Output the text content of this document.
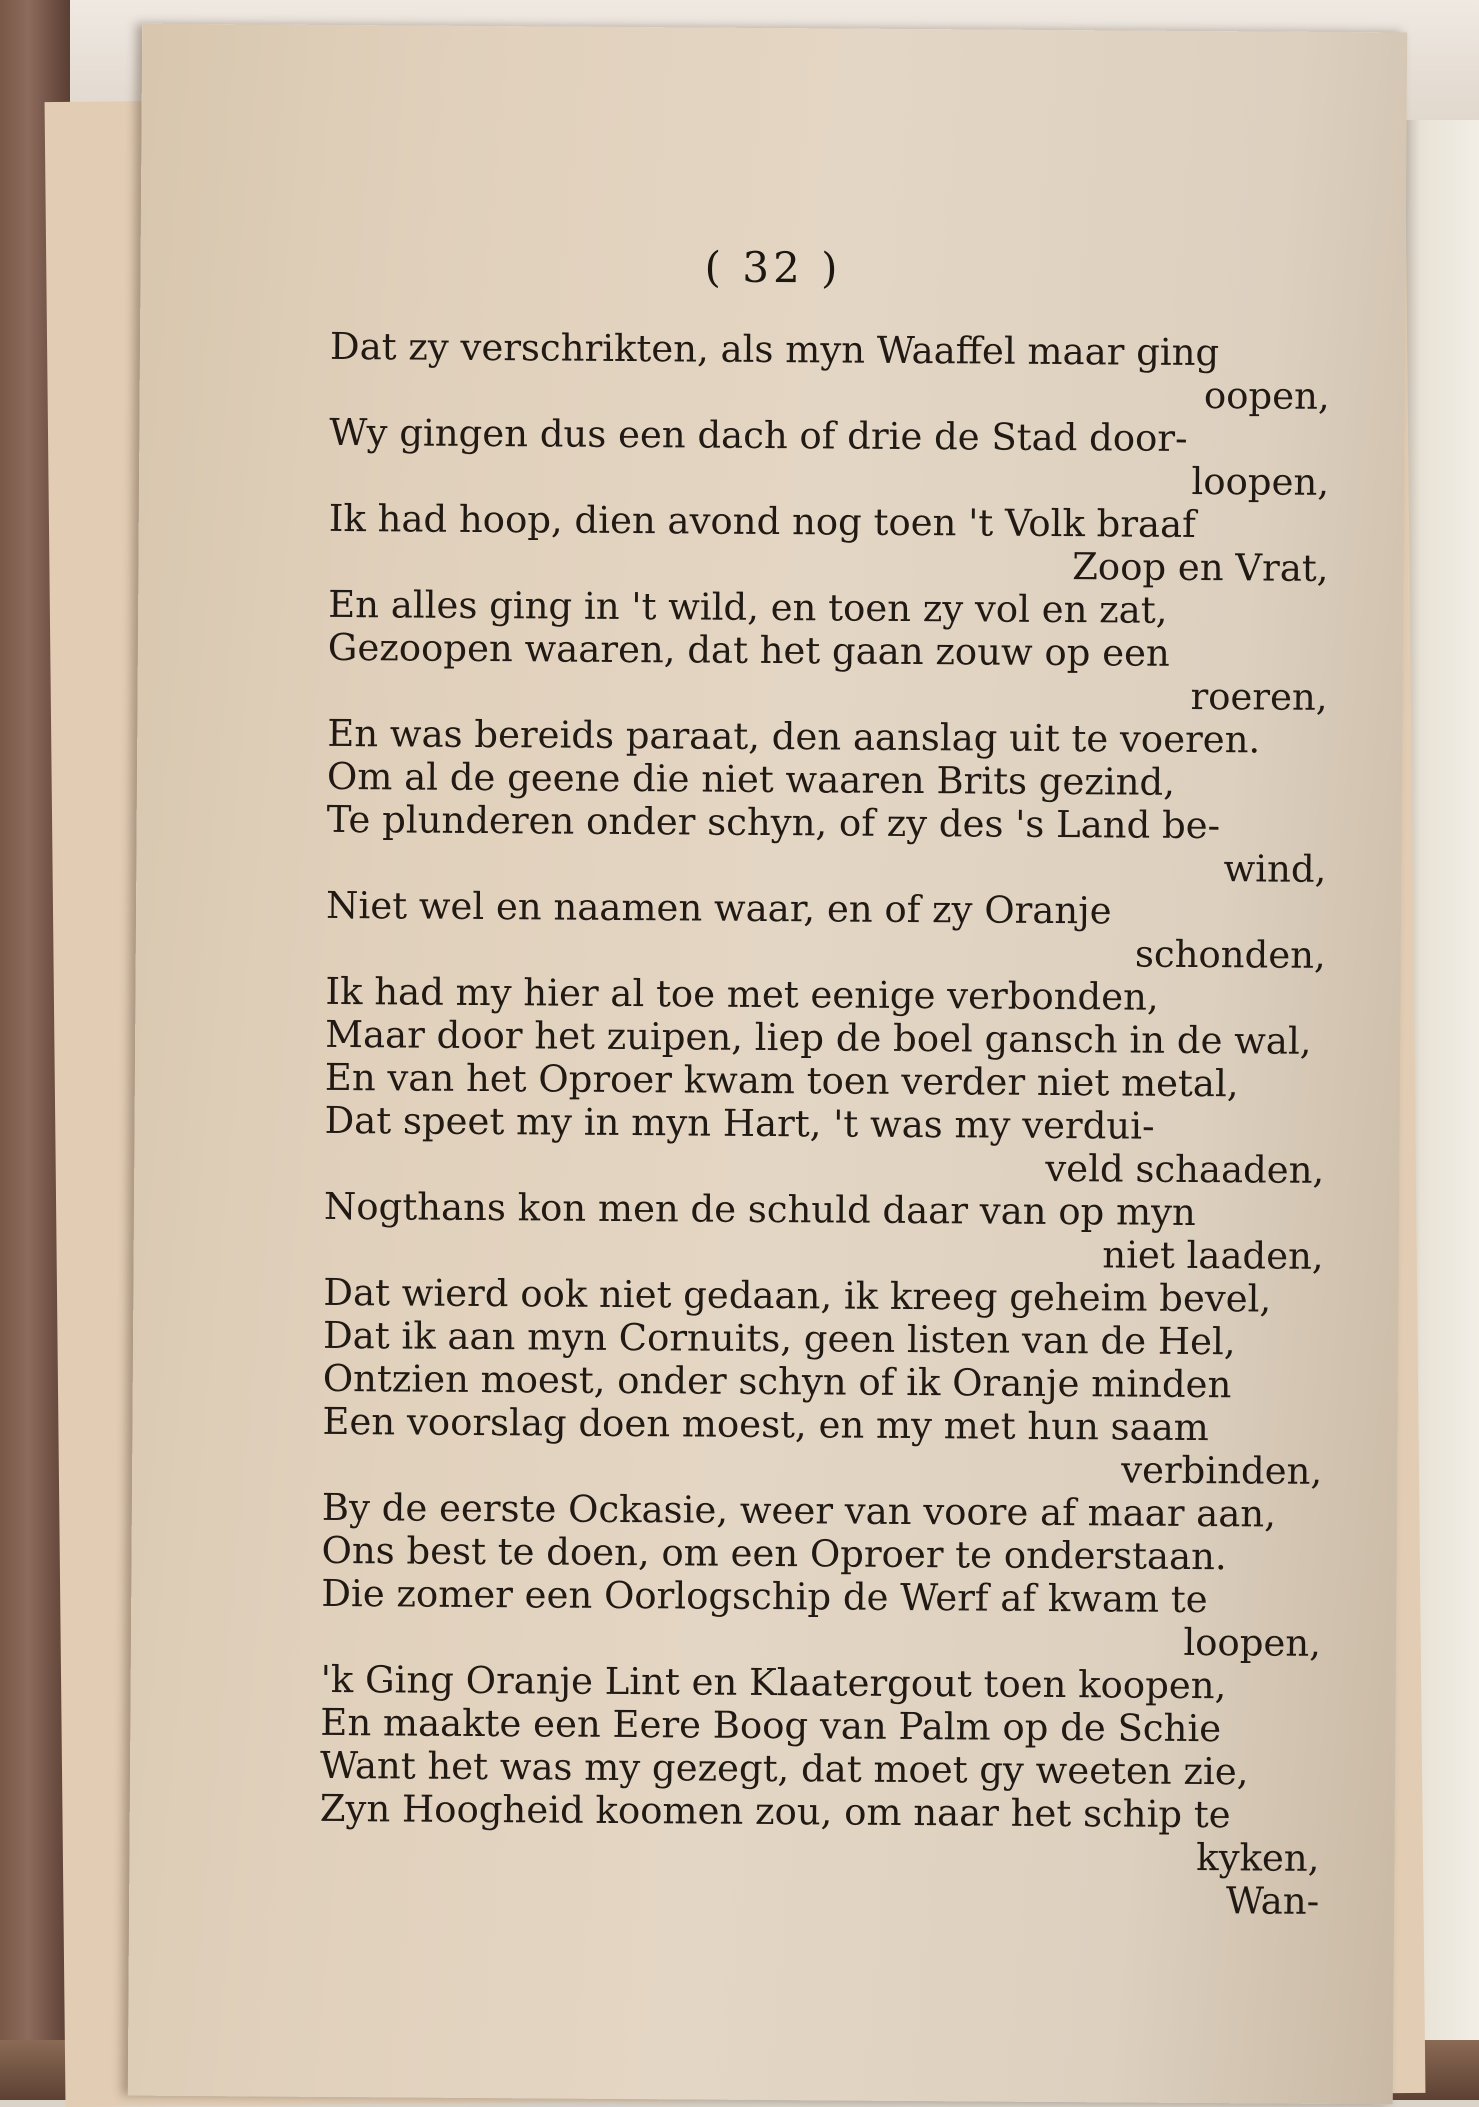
( 32 )
Dat zy verschrikten, als myn Waaffel maar ging
oopen,
Wy gingen dus een dach of drie de Stad door-
loopen,
Ik had hoop, dien avond nog toen 't Volk braaf
Zoop en Vrat,
En alles ging in 't wild, en toen zy vol en zat,
Gezoopen waaren, dat het gaan zouw op een
roeren,
En was bereids paraat, den aanslag uit te voeren.
Om al de geene die niet waaren Brits gezind,
Te plunderen onder schyn, of zy des 's Land be-
wind,
Niet wel en naamen waar, en of zy Oranje
schonden,
Ik had my hier al toe met eenige verbonden,
Maar door het zuipen, liep de boel gansch in de wal,
En van het Oproer kwam toen verder niet metal,
Dat speet my in myn Hart, 't was my verdui-
veld schaaden,
Nogthans kon men de schuld daar van op myn
niet laaden,
Dat wierd ook niet gedaan, ik kreeg geheim bevel,
Dat ik aan myn Cornuits, geen listen van de Hel,
Ontzien moest, onder schyn of ik Oranje minden
Een voorslag doen moest, en my met hun saam
verbinden,
By de eerste Ockasie, weer van voore af maar aan,
Ons best te doen, om een Oproer te onderstaan.
Die zomer een Oorlogschip de Werf af kwam te
loopen,
'k Ging Oranje Lint en Klaatergout toen koopen,
En maakte een Eere Boog van Palm op de Schie
Want het was my gezegt, dat moet gy weeten zie,
Zyn Hoogheid koomen zou, om naar het schip te
kyken,
Wan-
